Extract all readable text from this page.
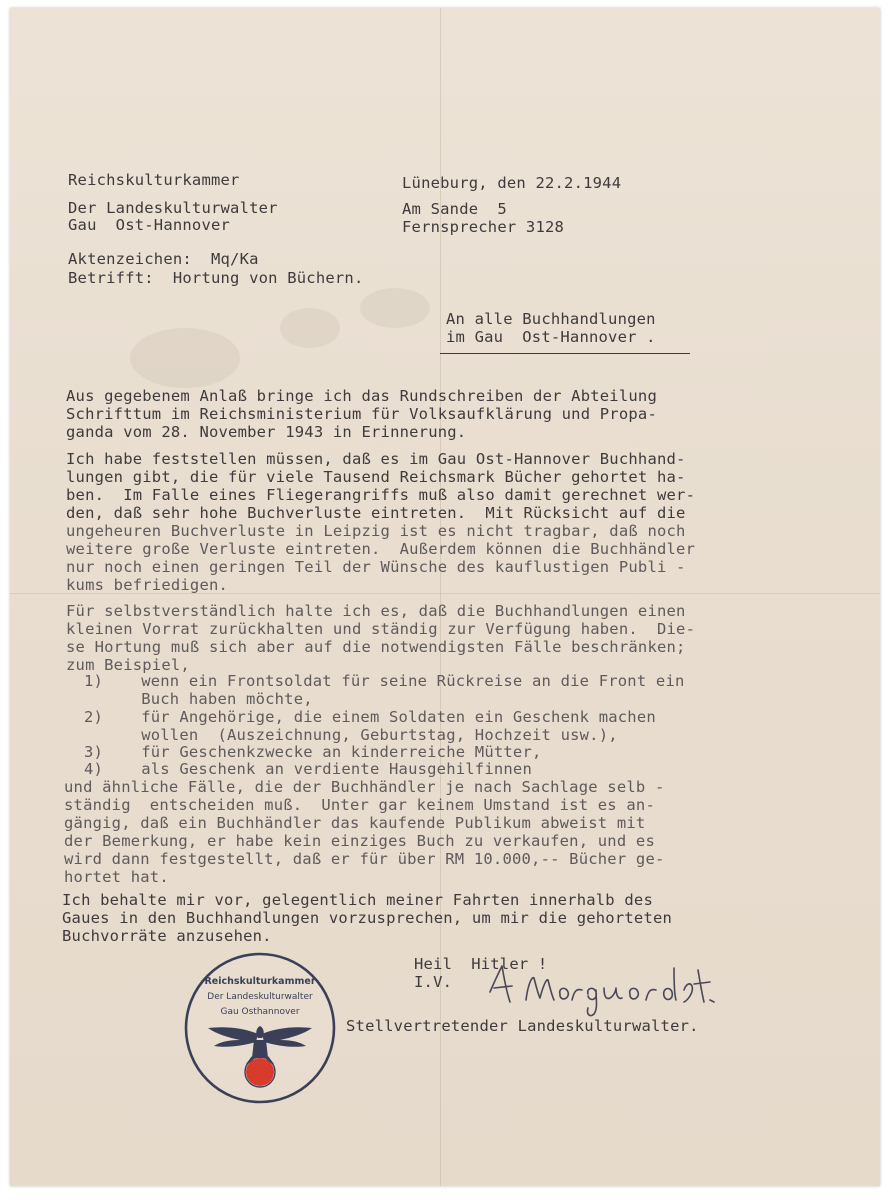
Reichskulturkammer
Der Landeskulturwalter
Gau  Ost-Hannover
Lüneburg, den 22.2.1944
Am Sande  5
Fernsprecher 3128
Aktenzeichen:  Mq/Ka
Betrifft:  Hortung von Büchern.
An alle Buchhandlungen
im Gau  Ost-Hannover .
Aus gegebenem Anlaß bringe ich das Rundschreiben der Abteilung
Schrifttum im Reichsministerium für Volksaufklärung und Propa-
ganda vom 28. November 1943 in Erinnerung.
Ich habe feststellen müssen, daß es im Gau Ost-Hannover Buchhand-
lungen gibt, die für viele Tausend Reichsmark Bücher gehortet ha-
ben.  Im Falle eines Fliegerangriffs muß also damit gerechnet wer-
den, daß sehr hohe Buchverluste eintreten.  Mit Rücksicht auf die
ungeheuren Buchverluste in Leipzig ist es nicht tragbar, daß noch
weitere große Verluste eintreten.  Außerdem können die Buchhändler
nur noch einen geringen Teil der Wünsche des kauflustigen Publi -
kums befriedigen.
Für selbstverständlich halte ich es, daß die Buchhandlungen einen
kleinen Vorrat zurückhalten und ständig zur Verfügung haben.  Die-
se Hortung muß sich aber auf die notwendigsten Fälle beschränken;
zum Beispiel,
1)    wenn ein Frontsoldat für seine Rückreise an die Front ein
Buch haben möchte,
2)    für Angehörige, die einem Soldaten ein Geschenk machen
wollen  (Auszeichnung, Geburtstag, Hochzeit usw.),
3)    für Geschenkzwecke an kinderreiche Mütter,
4)    als Geschenk an verdiente Hausgehilfinnen
und ähnliche Fälle, die der Buchhändler je nach Sachlage selb -
ständig  entscheiden muß.  Unter gar keinem Umstand ist es an-
gängig, daß ein Buchhändler das kaufende Publikum abweist mit
der Bemerkung, er habe kein einziges Buch zu verkaufen, und es
wird dann festgestellt, daß er für über RM 10.000,-- Bücher ge-
hortet hat.
Ich behalte mir vor, gelegentlich meiner Fahrten innerhalb des
Gaues in den Buchhandlungen vorzusprechen, um mir die gehorteten
Buchvorräte anzusehen.
Heil  Hitler !
I.V.
Stellvertretender Landeskulturwalter.
Reichskulturkammer
Der Landeskulturwalter
Gau Osthannover
